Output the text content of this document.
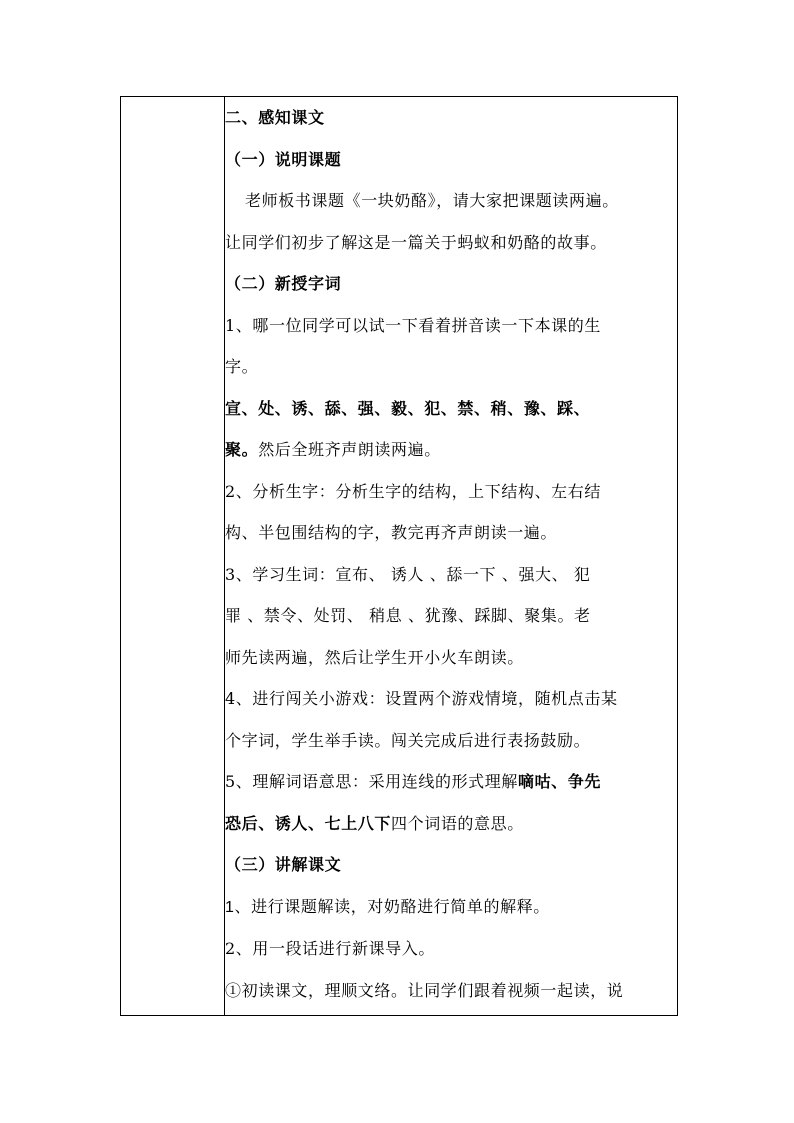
二、感知课文
（一）说明课题
老师板书课题《一块奶酪》，请大家把课题读两遍。
让同学们初步了解这是一篇关于蚂蚁和奶酪的故事。
（二）新授字词
1、哪一位同学可以试一下看着拼音读一下本课的生
字。
宣、处、诱、舔、强、毅、犯、禁、稍、豫、踩、
聚。然后全班齐声朗读两遍。
2、分析生字：分析生字的结构，上下结构、左右结
构、半包围结构的字，教完再齐声朗读一遍。
3、学习生词：宣布、 诱人 、舔一下 、强大、 犯
罪 、禁令、处罚、 稍息 、犹豫、踩脚、聚集。老
师先读两遍，然后让学生开小火车朗读。
4、进行闯关小游戏：设置两个游戏情境，随机点击某
个字词，学生举手读。闯关完成后进行表扬鼓励。
5、理解词语意思：采用连线的形式理解嘀咕、争先
恐后、诱人、七上八下四个词语的意思。
（三）讲解课文
1、进行课题解读，对奶酪进行简单的解释。
2、用一段话进行新课导入。
①初读课文，理顺文络。让同学们跟着视频一起读，说
